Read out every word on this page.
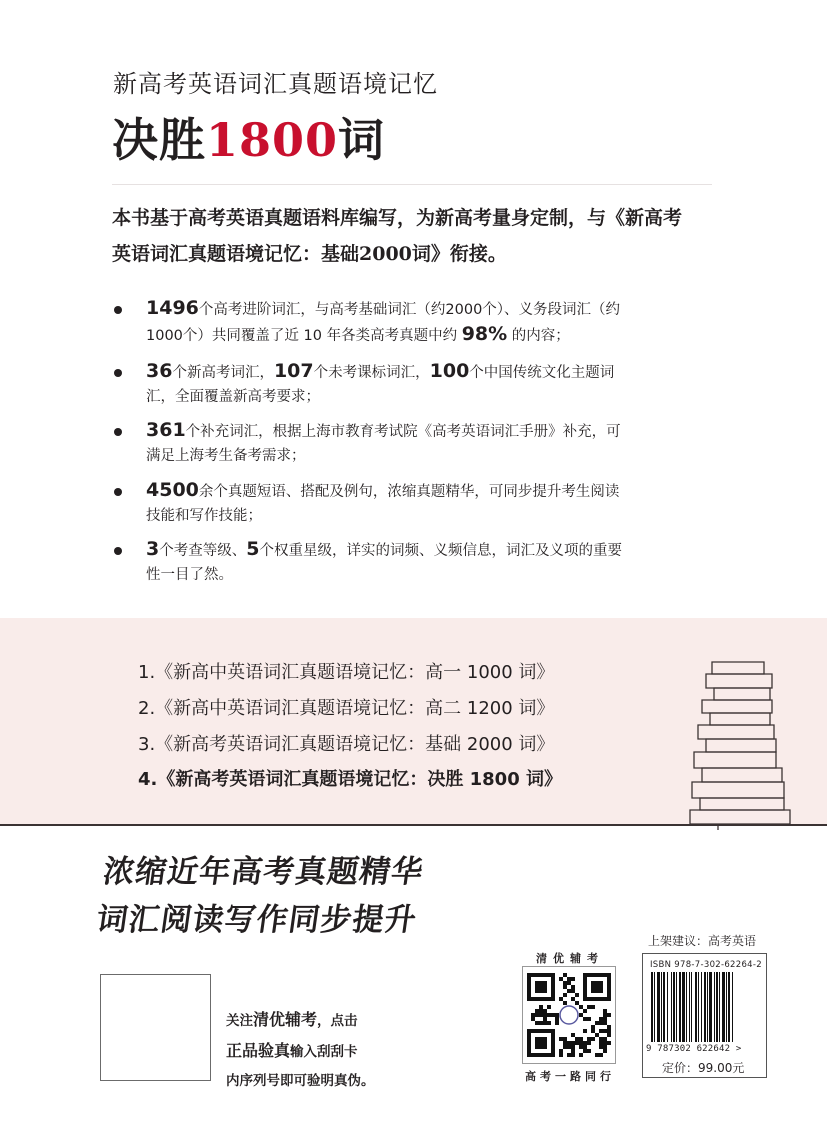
新高考英语词汇真题语境记忆
决胜1800词
本书基于高考英语真题语料库编写，为新高考量身定制，与《新高考
英语词汇真题语境记忆：基础2000词》衔接。
1496个高考进阶词汇，与高考基础词汇（约2000个）、义务段词汇（约
1000个）共同覆盖了近 10 年各类高考真题中约 98% 的内容；
36个新高考词汇，107个未考课标词汇，100个中国传统文化主题词
汇，全面覆盖新高考要求；
361个补充词汇，根据上海市教育考试院《高考英语词汇手册》补充，可
满足上海考生备考需求；
4500余个真题短语、搭配及例句，浓缩真题精华，可同步提升考生阅读
技能和写作技能；
3个考查等级、5个权重星级，详实的词频、义频信息，词汇及义项的重要
性一目了然。
1.《新高中英语词汇真题语境记忆：高一 1000 词》
2.《新高中英语词汇真题语境记忆：高二 1200 词》
3.《新高考英语词汇真题语境记忆：基础 2000 词》
4.《新高考英语词汇真题语境记忆：决胜 1800 词》
浓缩近年高考真题精华
词汇阅读写作同步提升
关注清优辅考，点击
正品验真输入刮刮卡
内序列号即可验明真伪。
清优辅考
高考一路同行
上架建议：高考英语
ISBN 978-7-302-62264-2
9 787302 622642 >
定价：99.00元
